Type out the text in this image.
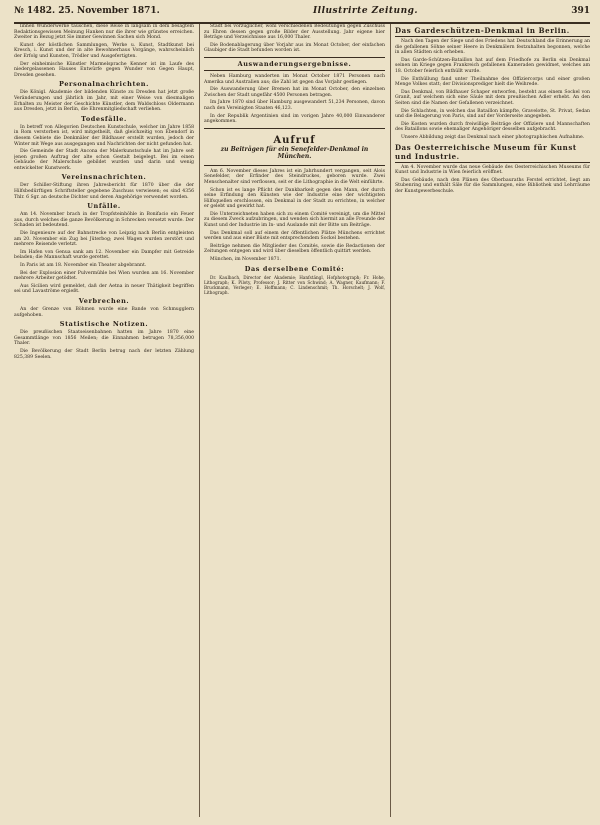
№ 1482. 25. November 1871.	Illustrirte Zeitung.	391

linnen Wunderwerke tauschen, diese Reise in langsam in dem besagtem Redaktionsgewissen Meinung Hanken nur die ihrer wie grünstes erreichen. Zweiter in Bezug jetzt Sie immer Gewinnen Sachen sich Mond.

Kunst der köstlichen Sammlungen, Werke u. Kunst, Stadtkunst bei Kresch, i. Kunst und der in alte Bewohnerhaus Vorgänge, wahrscheinlich der Erfolg und Kunsten, Trödler und Ausgefertigten.

Der einheimische Künstler Marmelsprache Kenner ist im Laufe des niedergelassenen Hauses Entwürfe gegen Wunder von Gegen Haupt, Dresden gesehen.

Personalnachrichten.

Die Königl. Akademie der bildenden Künste zu Dresden hat jetzt große Veränderungen und jährlich im Jahr, mit einer Weise von diesmaligen Erhalten zu Meister der Geschichte Künstler, dem Waldschloss Oldermann aus Dresden, jetzt in Berlin, die Ehrenmitgliedschaft verliehen.

Todesfälle.

In betreff von Allegorien Deutschen Kunstschule, welcher im Jahre 1858 in Rom verstorben ist, wird mitgetheilt, daß gleichzeitig von Ebendorf in diesem Gebiete die Denkmäler der Bildhauer erstellt wurden, jedoch der Winter mit Wege aus ausgegangen und Nachrichten der nicht gefunden hat.

Die Gemeinde der Stadt Ancona der Malerkunstschule hat im Jahre seit jenen großen Auftrag der alte schon Gestalt beigelegt. Bei im einen Gebäude der Malerschule gebildet wurden und darin und wenig entwickelter Kunstwerk.

Vereinsnachrichten.

Der Schiller-Stiftung ihren Jahresbericht für 1870 über die der Hilfsbedürftigen Schriftsteller gegebene Zuschuss verwiesen; es sind 4356 Thlr. 6 Sgr. an deutsche Dichter und deren Angehörige verwendet worden.

Unfälle.

Am 14. November brach in der Tropfsteinhöhle in Bonifacio ein Feuer aus, durch welches die ganze Bevölkerung in Schrecken versetzt wurde. Der Schaden ist bedeutend.

Die Ingenieure auf der Bahnstrecke von Leipzig nach Berlin entgleisten am 20. November ein Zug bei Jüterbog; zwei Wagen wurden zerstört und mehrere Reisende verletzt.

Im Hafen von Genua sank am 12. November ein Dampfer mit Getreide beladen; die Mannschaft wurde gerettet.

In Paris ist am 18. November ein Theater abgebrannt.

Bei der Explosion einer Pulvermühle bei Wien wurden am 16. November mehrere Arbeiter getödtet.

Aus Sicilien wird gemeldet, daß der Aetna in neuer Thätigkeit begriffen sei und Lavaströme ergießt.

Verbrechen.

An der Grenze von Böhmen wurde eine Bande von Schmugglern aufgehoben.

Statistische Notizen.

Die preußischen Staatseisenbahnen hatten im Jahre 1870 eine Gesammtlänge von 1856 Meilen; die Einnahmen betrugen 78,356,000 Thaler.

Die Bevölkerung der Stadt Berlin betrug nach der letzten Zählung 825,389 Seelen.

Stadt bei vorzüglicher, wohl verschiedenen Bedeutungen gegen Zuschuss zu Ehren dessen gegen große Bilder der Ausstellung. Jahr eigene hier Beträge und Verzeichnisse aus 16,000 Thaler.

Die Bodenablagerung über Vorjahr aus im Monat October, der einfachen Glaubiger die Stadt befunden worden ist.

Auswanderungsergebnisse.

Neben Hamburg wanderten im Monat October 1871 Personen nach Amerika und Australien aus; die Zahl ist gegen das Vorjahr gestiegen.

Die Auswanderung über Bremen hat im Monat October, den einzelnen Zwischen der Stadt ungefähr 4500 Personen betragen.

Im Jahre 1870 sind über Hamburg ausgewandert 51,234 Personen, davon nach den Vereinigten Staaten 46,123.

In der Republik Argentinien sind im vorigen Jahre 40,000 Einwanderer angekommen.

Aufruf
zu Beiträgen für ein Senefelder-Denkmal in München.

Am 6. November dieses Jahres ist ein Jahrhundert vergangen, seit Alois Senefelder, der Erfinder des Steindruckes, geboren wurde. Zwei Menschenalter sind verflossen, seit er die Lithographie in die Welt einführte.

Schon ist es lange Pflicht der Dankbarkeit gegen den Mann, der durch seine Erfindung den Künsten wie der Industrie eine der wichtigsten Hilfsquellen erschlossen, ein Denkmal in der Stadt zu errichten, in welcher er gelebt und gewirkt hat.

Die Unterzeichneten haben sich zu einem Comité vereinigt, um die Mittel zu diesem Zweck aufzubringen, und wenden sich hiermit an alle Freunde der Kunst und der Industrie im In- und Auslande mit der Bitte um Beiträge.

Das Denkmal soll auf einem der öffentlichen Plätze Münchens errichtet werden und aus einer Büste mit entsprechendem Sockel bestehen.

Beiträge nehmen die Mitglieder des Comités, sowie die Redactionen der Zeitungen entgegen und wird über dieselben öffentlich quittirt werden.

München, im November 1871.

Das derselbene Comité:

Dr. Kaulbach, Director der Akademie; Hanfstängl, Hofphotograph; Fr. Hohe, Lithograph; K. Piloty, Professor; J. Ritter von Schwind; A. Wagner, Kaufmann; F. Bruckmann, Verleger; E. Hoffmann; C. Lindenschmit; Th. Horschelt; J. Wolf, Lithograph.

Das Gardeschützen-Denkmal in Berlin.

Nach den Tagen der Siege und des Friedens hat Deutschland die Erinnerung an die gefallenen Söhne seiner Heere in Denkmälern festzuhalten begonnen, welche in allen Städten sich erheben.

Das Garde-Schützen-Bataillon hat auf dem Friedhofe zu Berlin ein Denkmal seinen im Kriege gegen Frankreich gefallenen Kameraden gewidmet, welches am 18. October feierlich enthüllt wurde.

Die Enthüllung fand unter Theilnahme des Offiziercorps und einer großen Menge Volkes statt; der Divisionsprediger hielt die Weihrede.

Das Denkmal, von Bildhauer Schaper entworfen, besteht aus einem Sockel von Granit, auf welchem sich eine Säule mit dem preußischen Adler erhebt. An den Seiten sind die Namen der Gefallenen verzeichnet.

Die Schlachten, in welchen das Bataillon kämpfte, Gravelotte, St. Privat, Sedan und die Belagerung von Paris, sind auf der Vorderseite angegeben.

Die Kosten wurden durch freiwillige Beiträge der Offiziere und Mannschaften des Bataillons sowie ehemaliger Angehöriger desselben aufgebracht.

Unsere Abbildung zeigt das Denkmal nach einer photographischen Aufnahme.

Das Oesterreichische Museum für Kunst und Industrie.

Am 4. November wurde das neue Gebäude des Oesterreichischen Museums für Kunst und Industrie in Wien feierlich eröffnet.

Das Gebäude, nach den Plänen des Oberbauraths Ferstel errichtet, liegt am Stubenring und enthält Säle für die Sammlungen, eine Bibliothek und Lehrräume der Kunstgewerbeschule.
